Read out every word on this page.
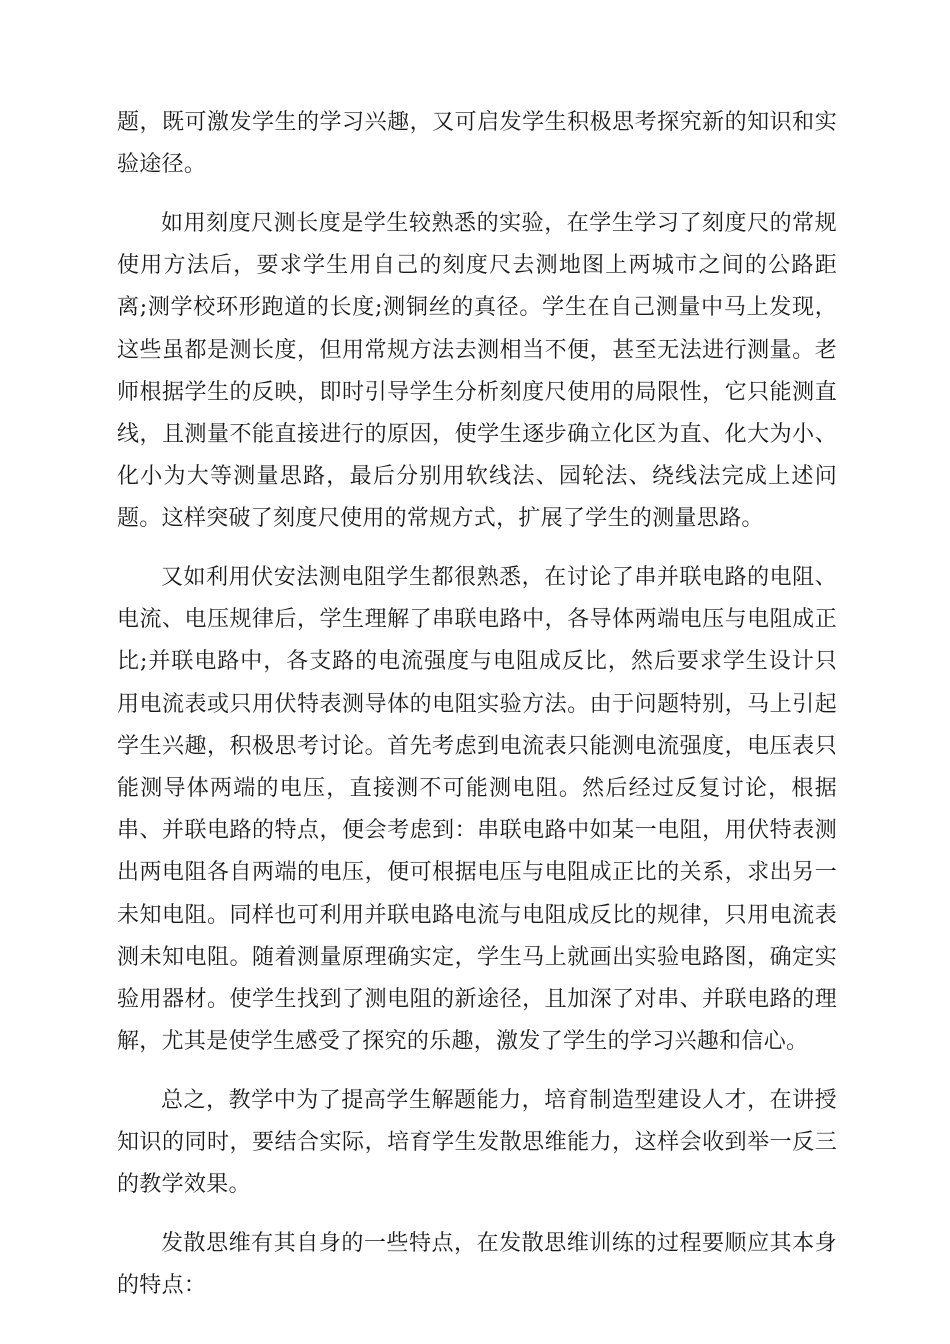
题，既可激发学生的学习兴趣，又可启发学生积极思考探究新的知识和实验途径。

如用刻度尺测长度是学生较熟悉的实验，在学生学习了刻度尺的常规使用方法后，要求学生用自己的刻度尺去测地图上两城市之间的公路距离;测学校环形跑道的长度;测铜丝的真径。学生在自己测量中马上发现，这些虽都是测长度，但用常规方法去测相当不便，甚至无法进行测量。老师根据学生的反映，即时引导学生分析刻度尺使用的局限性，它只能测直线，且测量不能直接进行的原因，使学生逐步确立化区为直、化大为小、化小为大等测量思路，最后分别用软线法、园轮法、绕线法完成上述问题。这样突破了刻度尺使用的常规方式，扩展了学生的测量思路。

又如利用伏安法测电阻学生都很熟悉，在讨论了串并联电路的电阻、电流、电压规律后，学生理解了串联电路中，各导体两端电压与电阻成正比;并联电路中，各支路的电流强度与电阻成反比，然后要求学生设计只用电流表或只用伏特表测导体的电阻实验方法。由于问题特别，马上引起学生兴趣，积极思考讨论。首先考虑到电流表只能测电流强度，电压表只能测导体两端的电压，直接测不可能测电阻。然后经过反复讨论，根据串、并联电路的特点，便会考虑到：串联电路中如某一电阻，用伏特表测出两电阻各自两端的电压，便可根据电压与电阻成正比的关系，求出另一未知电阻。同样也可利用并联电路电流与电阻成反比的规律，只用电流表测未知电阻。随着测量原理确实定，学生马上就画出实验电路图，确定实验用器材。使学生找到了测电阻的新途径，且加深了对串、并联电路的理解，尤其是使学生感受了探究的乐趣，激发了学生的学习兴趣和信心。

总之，教学中为了提高学生解题能力，培育制造型建设人才，在讲授知识的同时，要结合实际，培育学生发散思维能力，这样会收到举一反三的教学效果。

发散思维有其自身的一些特点，在发散思维训练的过程要顺应其本身的特点：
